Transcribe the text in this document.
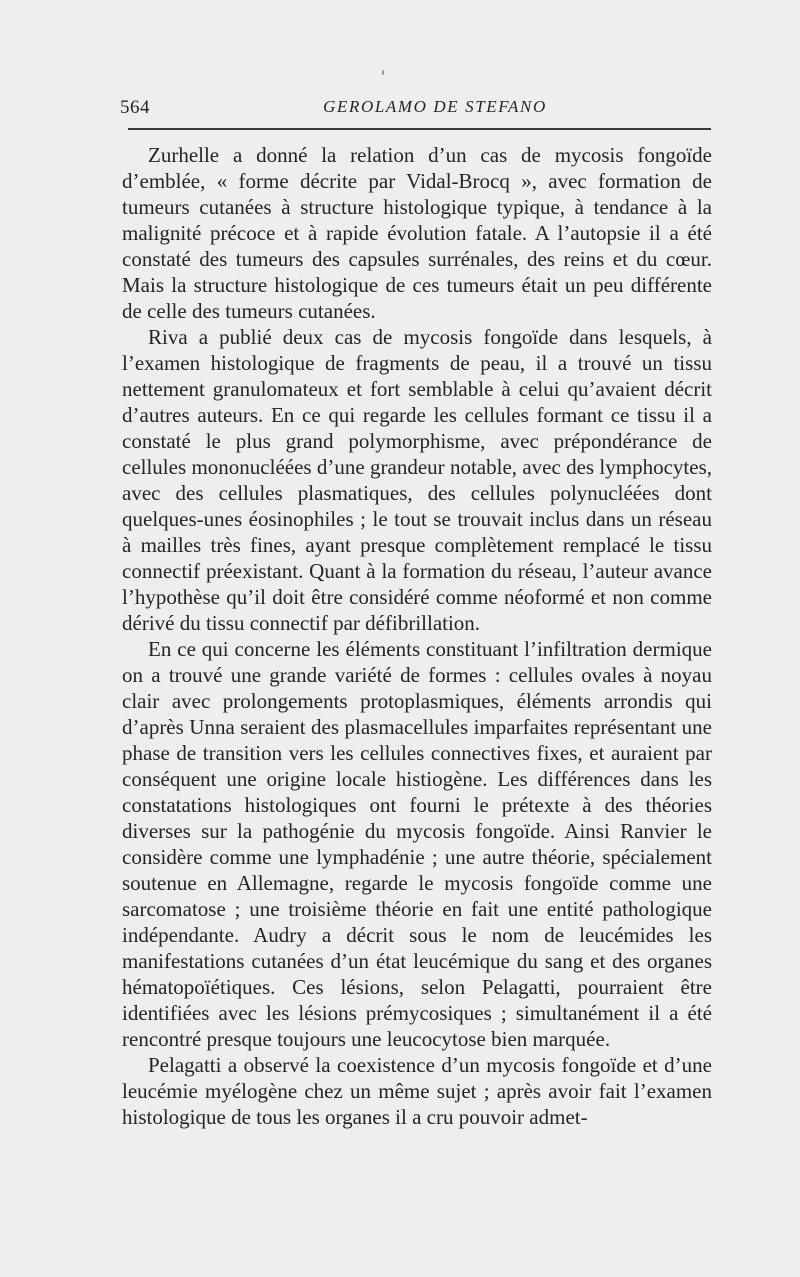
564	GEROLAMO DE STEFANO

Zurhelle a donné la relation d’un cas de mycosis fongoïde d’emblée, « forme décrite par Vidal-Brocq », avec formation de tumeurs cutanées à structure histologique typique, à tendance à la malignité précoce et à rapide évolution fatale. A l’autopsie il a été constaté des tumeurs des capsules surrénales, des reins et du cœur. Mais la structure histologique de ces tumeurs était un peu différente de celle des tumeurs cutanées.

Riva a publié deux cas de mycosis fongoïde dans lesquels, à l’examen histologique de fragments de peau, il a trouvé un tissu nettement granulomateux et fort semblable à celui qu’avaient décrit d’autres auteurs. En ce qui regarde les cellules formant ce tissu il a constaté le plus grand polymorphisme, avec prépondérance de cellules mononucléées d’une grandeur notable, avec des lymphocytes, avec des cellules plasmatiques, des cellules polynucléées dont quelques-unes éosinophiles ; le tout se trouvait inclus dans un réseau à mailles très fines, ayant presque complètement remplacé le tissu connectif préexistant. Quant à la formation du réseau, l’auteur avance l’hypothèse qu’il doit être considéré comme néoformé et non comme dérivé du tissu connectif par défibrillation.

En ce qui concerne les éléments constituant l’infiltration dermique on a trouvé une grande variété de formes : cellules ovales à noyau clair avec prolongements protoplasmiques, éléments arrondis qui d’après Unna seraient des plasmacellules imparfaites représentant une phase de transition vers les cellules connectives fixes, et auraient par conséquent une origine locale histiogène. Les différences dans les constatations histologiques ont fourni le prétexte à des théories diverses sur la pathogénie du mycosis fongoïde. Ainsi Ranvier le considère comme une lymphadénie ; une autre théorie, spécialement soutenue en Allemagne, regarde le mycosis fongoïde comme une sarcomatose ; une troisième théorie en fait une entité pathologique indépendante. Audry a décrit sous le nom de leucémides les manifestations cutanées d’un état leucémique du sang et des organes hématopoïétiques. Ces lésions, selon Pelagatti, pourraient être identifiées avec les lésions prémycosiques ; simultanément il a été rencontré presque toujours une leucocytose bien marquée.

Pelagatti a observé la coexistence d’un mycosis fongoïde et d’une leucémie myélogène chez un même sujet ; après avoir fait l’examen histologique de tous les organes il a cru pouvoir admet-
